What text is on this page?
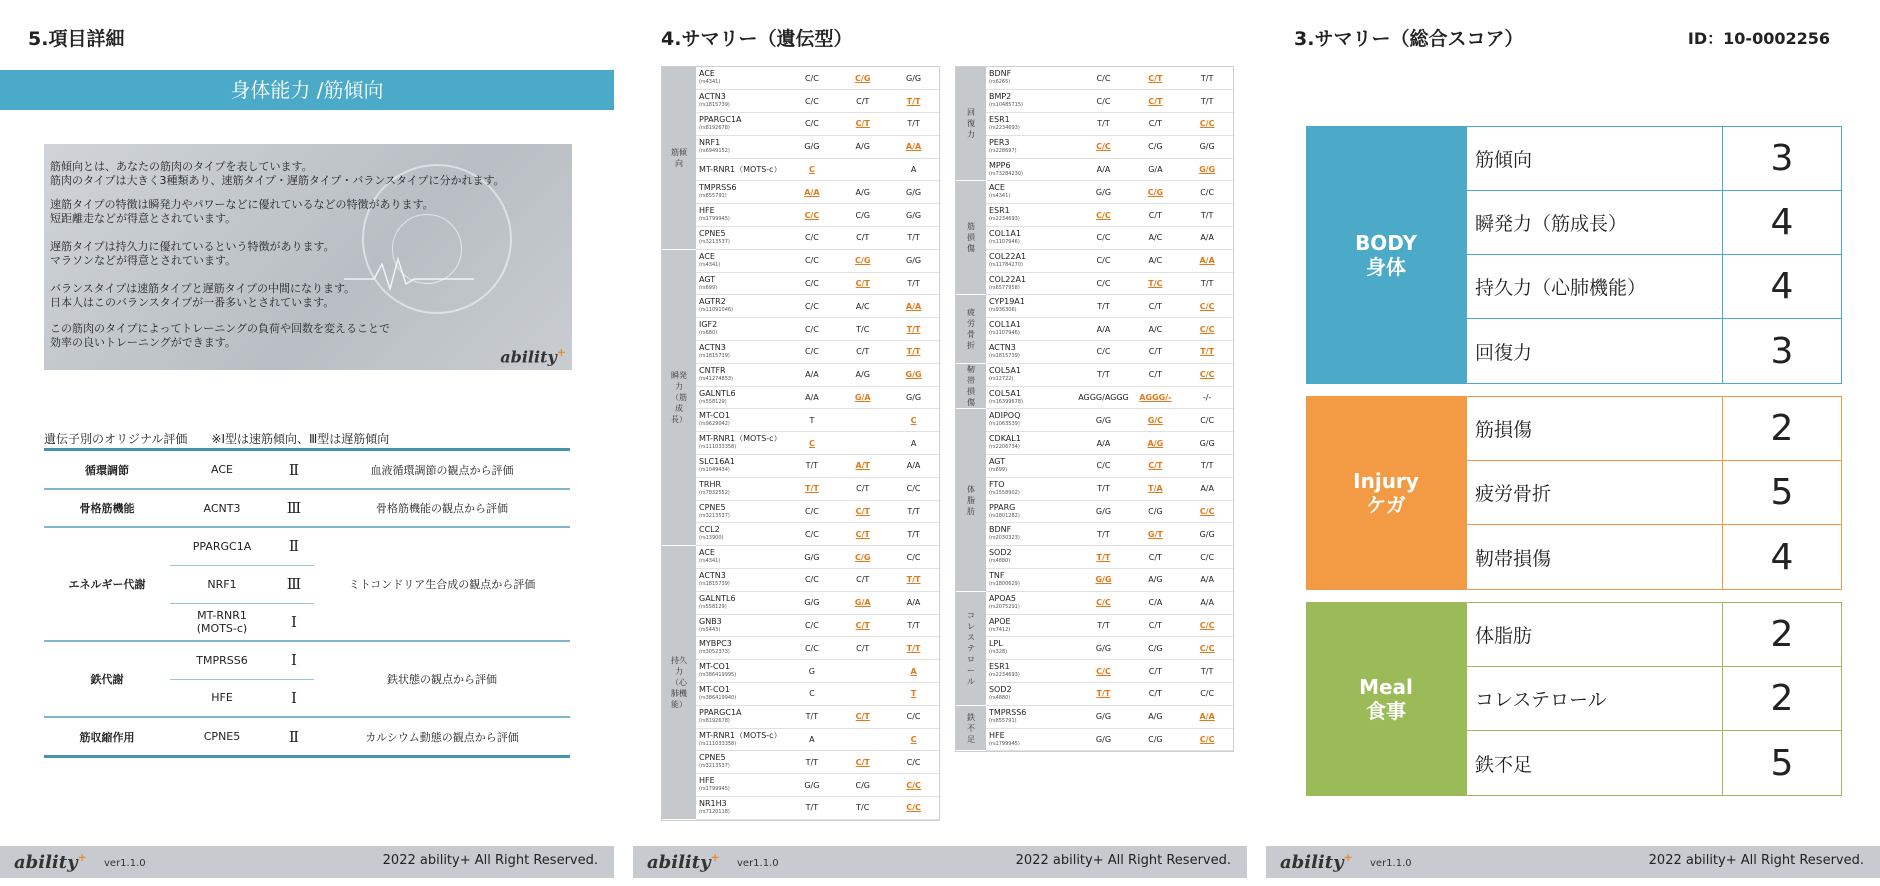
5.項目詳細
身体能力 /筋傾向

筋傾向とは、あなたの筋肉のタイプを表しています。

筋肉のタイプは大きく3種類あり、速筋タイプ・遅筋タイプ・バランスタイプに分かれます。

速筋タイプの特徴は瞬発力やパワーなどに優れているなどの特徴があります。

短距離走などが得意とされています。

遅筋タイプは持久力に優れているという特徴があります。

マラソンなどが得意とされています。

バランスタイプは速筋タイプと遅筋タイプの中間になります。

日本人はこのバランスタイプが一番多いとされています。

この筋肉のタイプによってトレーニングの負荷や回数を変えることで

効率の良いトレーニングができます。

ability+
遺伝子別のオリジナル評価　　※Ⅰ型は速筋傾向、Ⅲ型は遅筋傾向
循環調節	ACE	Ⅱ	血液循環調節の観点から評価
骨格筋機能	ACNT3	Ⅲ	骨格筋機能の観点から評価
エネルギー代謝	PPARGC1A	Ⅱ	ミトコンドリア生合成の観点から評価
	NRF1	Ⅲ	
	MT-RNR1
(MOTS-c)	Ⅰ	
鉄代謝	TMPRSS6	Ⅰ	鉄状態の観点から評価
	HFE	Ⅰ	
筋収縮作用	CPNE5	Ⅱ	カルシウム動態の観点から評価
ability+ ver1.1.0	2022 ability+ All Right Reserved.
4.サマリー（遺伝型）
筋傾向	ACE
(rs4341)	C/C	C/G	G/G
	ACTN3
(rs1815739)	C/C	C/T	T/T
	PPARGC1A
(rs8192678)	C/C	C/T	T/T
	NRF1
(rs6949152)	G/G	A/G	A/A
	MT-RNR1（MOTS-c）	C		A
	TMPRSS6
(rs855791)	A/A	A/G	G/G
	HFE
(rs1799945)	C/C	C/G	G/G
	CPNE5
(rs3213537)	C/C	C/T	T/T
瞬発力（筋成長）	ACE
(rs4341)	C/C	C/G	G/G
	AGT
(rs699)	C/C	C/T	T/T
	AGTR2
(rs11091046)	C/C	A/C	A/A
	IGF2
(rs680)	C/C	T/C	T/T
	ACTN3
(rs1815739)	C/C	C/T	T/T
	CNTFR
(rs41274853)	A/A	A/G	G/G
	GALNTL6
(rs558129)	A/A	G/A	G/G
	MT-CO1
(rs9629042)	T		C
	MT-RNR1（MOTS-c）
(rs111033358)	C		A
	SLC16A1
(rs1049434)	T/T	A/T	A/A
	TRHR
(rs7832552)	T/T	C/T	C/C
	CPNE5
(rs3213537)	C/C	C/T	T/T
	CCL2
(rs13900)	C/C	C/T	T/T
持久力（心肺機能）	ACE
(rs4341)	G/G	C/G	C/C
	ACTN3
(rs1815739)	C/C	C/T	T/T
	GALNTL6
(rs558129)	G/G	G/A	A/A
	GNB3
(rs5443)	C/C	C/T	T/T
	MYBPC3
(rs3052373)	C/C	C/T	T/T
	MT-CO1
(rs386419995)	G		A
	MT-CO1
(rs386419940)	C		T
	PPARGC1A
(rs8192678)	T/T	C/T	C/C
	MT-RNR1（MOTS-c）
(rs111033358)	A		C
	CPNE5
(rs3213537)	T/T	C/T	C/C
	HFE
(rs1799945)	G/G	C/G	C/C
	NR1H3
(rs7120118)	T/T	T/C	C/C
回復力	BDNF
(rs6265)	C/C	C/T	T/T
	BMP2
(rs10485715)	C/C	C/T	T/T
	ESR1
(rs2234693)	T/T	C/T	C/C
	PER3
(rs228697)	C/C	C/G	G/G
	MPP6
(rs73284230)	A/A	G/A	G/G
筋損傷	ACE
(rs4341)	G/G	C/G	C/C
	ESR1
(rs2234693)	C/C	C/T	T/T
	COL1A1
(rs1107946)	C/C	A/C	A/A
	COL22A1
(rs11784270)	C/C	A/C	A/A
	COL22A1
(rs6577958)	C/C	T/C	T/T
疲労骨折	CYP19A1
(rs936306)	T/T	C/T	C/C
	COL1A1
(rs1107946)	A/A	A/C	C/C
	ACTN3
(rs1815739)	C/C	C/T	T/T
靭帯損傷	COL5A1
(rs12722)	T/T	C/T	C/C
	COL5A1
(rs16399678)	AGGG/AGGG	AGGG/-	-/-
体脂肪	ADIPOQ
(rs1063539)	G/G	G/C	C/C
	CDKAL1
(rs2206734)	A/A	A/G	G/G
	AGT
(rs699)	C/C	C/T	T/T
	FTO
(rs1558902)	T/T	T/A	A/A
	PPARG
(rs1801282)	G/G	C/G	C/C
	BDNF
(rs2030323)	T/T	G/T	G/G
	SOD2
(rs4880)	T/T	C/T	C/C
	TNF
(rs1800629)	G/G	A/G	A/A
コレステロール	APOA5
(rs2075291)	C/C	C/A	A/A
	APOE
(rs7412)	T/T	C/T	C/C
	LPL
(rs328)	G/G	C/G	C/C
	ESR1
(rs2234693)	C/C	C/T	T/T
	SOD2
(rs4880)	T/T	C/T	C/C
鉄不足	TMPRSS6
(rs855791)	G/G	A/G	A/A
	HFE
(rs1799945)	G/G	C/G	C/C
ability+ ver1.1.0	2022 ability+ All Right Reserved.
3.サマリー（総合スコア）	ID：10-0002256
BODY
身体
筋傾向	3
瞬発力（筋成長）	4
持久力（心肺機能）	4
回復力	3
Injury
ケガ
筋損傷	2
疲労骨折	5
靭帯損傷	4
Meal
食事
体脂肪	2
コレステロール	2
鉄不足	5
ability+ ver1.1.0	2022 ability+ All Right Reserved.
